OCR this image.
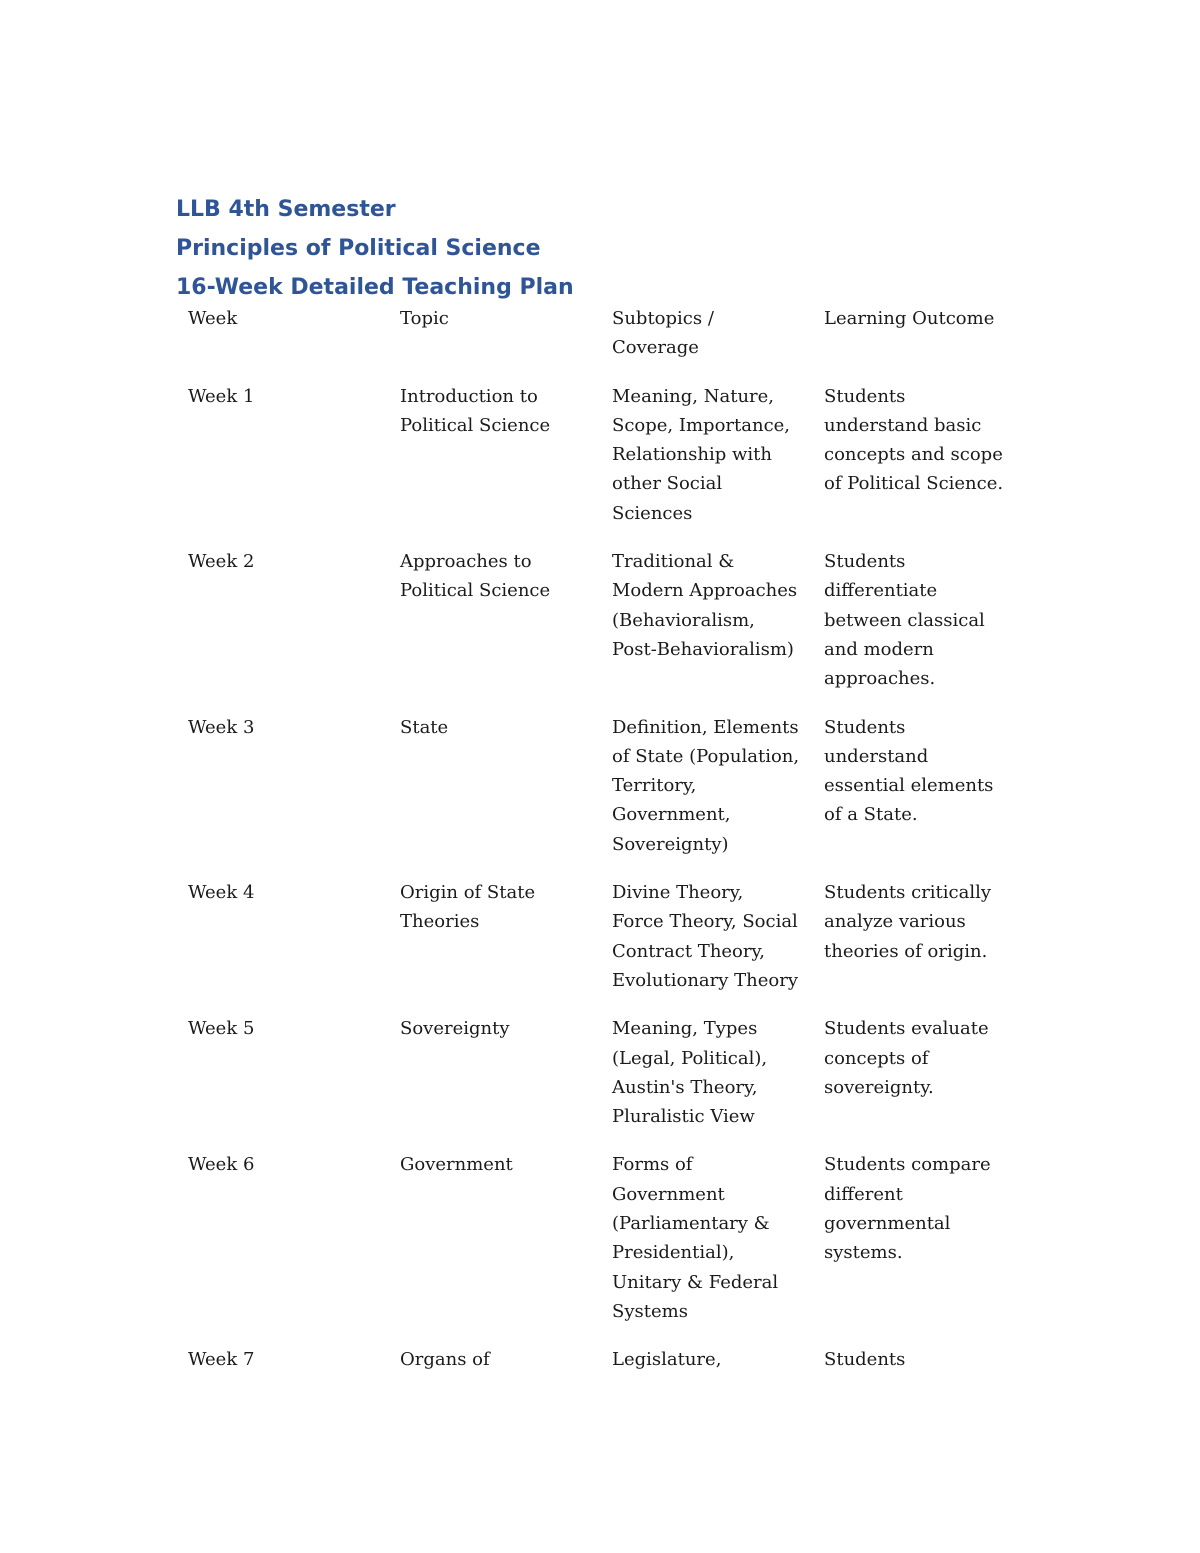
LLB 4th Semester

Principles of Political Science

16-Week Detailed Teaching Plan

Week	Topic	Subtopics / Coverage	Learning Outcome
Week 1	Introduction to Political Science	Meaning, Nature, Scope, Importance, Relationship with other Social Sciences	Students understand basic concepts and scope of Political Science.
Week 2	Approaches to Political Science	Traditional & Modern Approaches (Behavioralism, Post-Behavioralism)	Students differentiate between classical and modern approaches.
Week 3	State	Definition, Elements of State (Population, Territory, Government, Sovereignty)	Students understand essential elements of a State.
Week 4	Origin of State Theories	Divine Theory, Force Theory, Social Contract Theory, Evolutionary Theory	Students critically analyze various theories of origin.
Week 5	Sovereignty	Meaning, Types (Legal, Political), Austin's Theory, Pluralistic View	Students evaluate concepts of sovereignty.
Week 6	Government	Forms of Government (Parliamentary & Presidential), Unitary & Federal Systems	Students compare different governmental systems.
Week 7	Organs of	Legislature,	Students
